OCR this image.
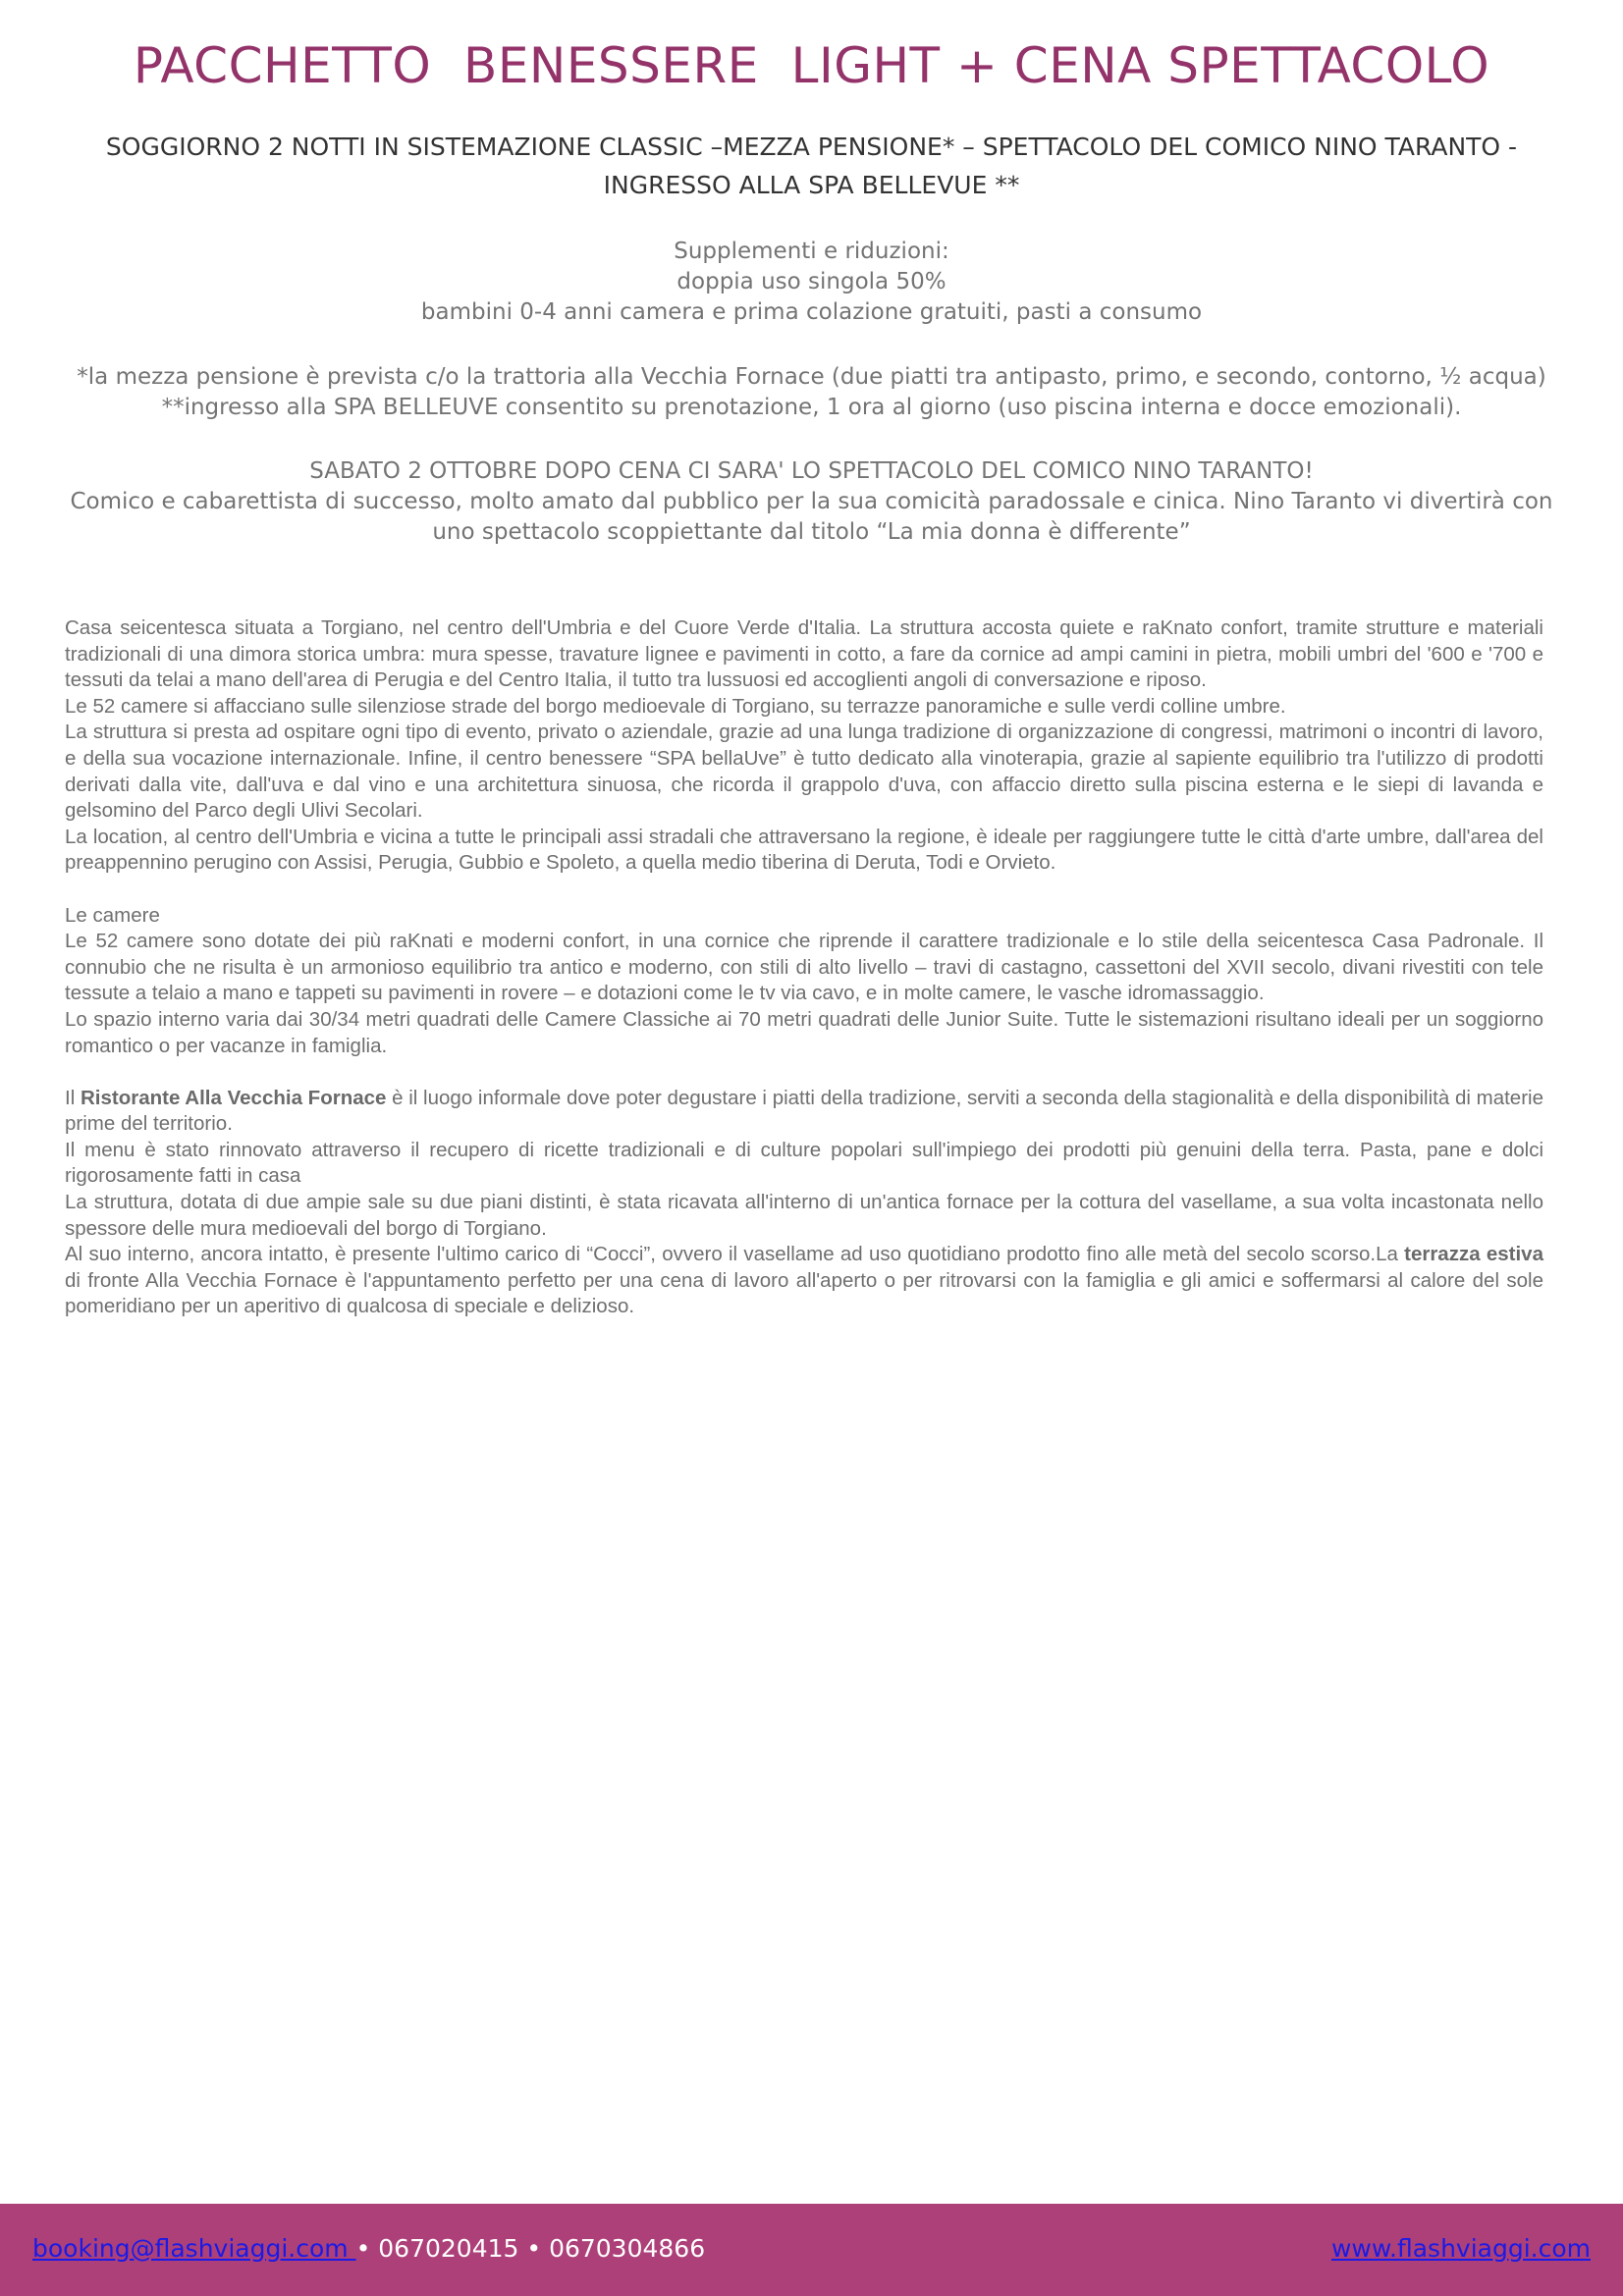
PACCHETTO  BENESSERE  LIGHT + CENA SPETTACOLO
SOGGIORNO 2 NOTTI IN SISTEMAZIONE CLASSIC –MEZZA PENSIONE* – SPETTACOLO DEL COMICO NINO TARANTO - INGRESSO ALLA SPA BELLEVUE **
Supplementi e riduzioni:
doppia uso singola 50%
bambini 0-4 anni camera e prima colazione gratuiti, pasti a consumo
*la mezza pensione è prevista c/o la trattoria alla Vecchia Fornace (due piatti tra antipasto, primo, e secondo, contorno, ½ acqua)
**ingresso alla SPA BELLEUVE consentito su prenotazione, 1 ora al giorno (uso piscina interna e docce emozionali).
SABATO 2 OTTOBRE DOPO CENA CI SARA' LO SPETTACOLO DEL COMICO NINO TARANTO!
Comico e cabarettista di successo, molto amato dal pubblico per la sua comicità paradossale e cinica. Nino Taranto vi divertirà con uno spettacolo scoppiettante dal titolo “La mia donna è differente”

Casa seicentesca situata a Torgiano, nel centro dell'Umbria e del Cuore Verde d'Italia. La struttura accosta quiete e raKnato confort, tramite strutture e materiali tradizionali di una dimora storica umbra: mura spesse, travature lignee e pavimenti in cotto, a fare da cornice ad ampi camini in pietra, mobili umbri del '600 e '700 e tessuti da telai a mano dell'area di Perugia e del Centro Italia, il tutto tra lussuosi ed accoglienti angoli di conversazione e riposo.

Le 52 camere si affacciano sulle silenziose strade del borgo medioevale di Torgiano, su terrazze panoramiche e sulle verdi colline umbre.

La struttura si presta ad ospitare ogni tipo di evento, privato o aziendale, grazie ad una lunga tradizione di organizzazione di congressi, matrimoni o incontri di lavoro, e della sua vocazione internazionale. Infine, il centro benessere “SPA bellaUve” è tutto dedicato alla vinoterapia, grazie al sapiente equilibrio tra l'utilizzo di prodotti derivati dalla vite, dall'uva e dal vino e una architettura sinuosa, che ricorda il grappolo d'uva, con affaccio diretto sulla piscina esterna e le siepi di lavanda e gelsomino del Parco degli Ulivi Secolari.

La location, al centro dell'Umbria e vicina a tutte le principali assi stradali che attraversano la regione, è ideale per raggiungere tutte le città d'arte umbre, dall'area del preappennino perugino con Assisi, Perugia, Gubbio e Spoleto, a quella medio tiberina di Deruta, Todi e Orvieto.

Le camere

Le 52 camere sono dotate dei più raKnati e moderni confort, in una cornice che riprende il carattere tradizionale e lo stile della seicentesca Casa Padronale. Il connubio che ne risulta è un armonioso equilibrio tra antico e moderno, con stili di alto livello – travi di castagno, cassettoni del XVII secolo, divani rivestiti con tele tessute a telaio a mano e tappeti su pavimenti in rovere – e dotazioni come le tv via cavo, e in molte camere, le vasche idromassaggio.

Lo spazio interno varia dai 30/34 metri quadrati delle Camere Classiche ai 70 metri quadrati delle Junior Suite. Tutte le sistemazioni risultano ideali per un soggiorno romantico o per vacanze in famiglia.

Il Ristorante Alla Vecchia Fornace è il luogo informale dove poter degustare i piatti della tradizione, serviti a seconda della stagionalità e della disponibilità di materie prime del territorio.

Il menu è stato rinnovato attraverso il recupero di ricette tradizionali e di culture popolari sull'impiego dei prodotti più genuini della terra. Pasta, pane e dolci rigorosamente fatti in casa

La struttura, dotata di due ampie sale su due piani distinti, è stata ricavata all'interno di un'antica fornace per la cottura del vasellame, a sua volta incastonata nello spessore delle mura medioevali del borgo di Torgiano.

Al suo interno, ancora intatto, è presente l'ultimo carico di “Cocci”, ovvero il vasellame ad uso quotidiano prodotto fino alle metà del secolo scorso.La terrazza estiva di fronte Alla Vecchia Fornace è l'appuntamento perfetto per una cena di lavoro all'aperto o per ritrovarsi con la famiglia e gli amici e soffermarsi al calore del sole pomeridiano per un aperitivo di qualcosa di speciale e delizioso.

booking@flashviaggi.com • 067020415 • 0670304866	www.flashviaggi.com
